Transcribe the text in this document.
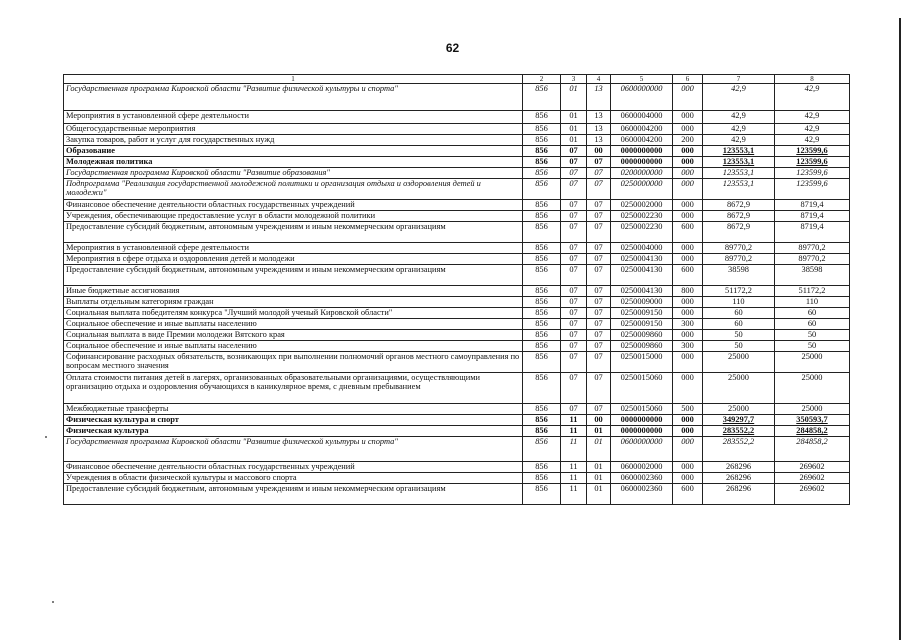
62
1	2	3	4	5	6	7	8
Государственная программа Кировской области "Развитие физической культуры и спорта"	856	01	13	0600000000	000	42,9	42,9
Мероприятия в установленной сфере деятельности	856	01	13	0600004000	000	42,9	42,9
Общегосударственные мероприятия	856	01	13	0600004200	000	42,9	42,9
Закупка товаров, работ и услуг для государственных нужд	856	01	13	0600004200	200	42,9	42,9
Образование	856	07	00	0000000000	000	123553,1	123599,6
Молодежная политика	856	07	07	0000000000	000	123553,1	123599,6
Государственная программа Кировской области "Развитие образования"	856	07	07	0200000000	000	123553,1	123599,6
Подпрограмма "Реализация государственной молодежной политики и организация отдыха и оздоровления детей и молодежи"	856	07	07	0250000000	000	123553,1	123599,6
Финансовое обеспечение деятельности областных государственных учреждений	856	07	07	0250002000	000	8672,9	8719,4
Учреждения, обеспечивающие предоставление услуг в области молодежной политики	856	07	07	0250002230	000	8672,9	8719,4
Предоставление субсидий бюджетным, автономным учреждениям и иным некоммерческим организациям	856	07	07	0250002230	600	8672,9	8719,4
Мероприятия в установленной сфере деятельности	856	07	07	0250004000	000	89770,2	89770,2
Мероприятия в сфере отдыха и оздоровления детей и молодежи	856	07	07	0250004130	000	89770,2	89770,2
Предоставление субсидий бюджетным, автономным учреждениям и иным некоммерческим организациям	856	07	07	0250004130	600	38598	38598
Иные бюджетные ассигнования	856	07	07	0250004130	800	51172,2	51172,2
Выплаты отдельным категориям граждан	856	07	07	0250009000	000	110	110
Социальная выплата победителям конкурса "Лучший молодой ученый Кировской области"	856	07	07	0250009150	000	60	60
Социальное обеспечение и иные выплаты населению	856	07	07	0250009150	300	60	60
Социальная выплата в виде Премии молодежи Вятского края	856	07	07	0250009860	000	50	50
Социальное обеспечение и иные выплаты населению	856	07	07	0250009860	300	50	50
Софинансирование расходных обязательств, возникающих при выполнении полномочий органов местного самоуправления по вопросам местного значения	856	07	07	0250015000	000	25000	25000
Оплата стоимости питания детей в лагерях, организованных образовательными организациями, осуществляющими организацию отдыха и оздоровления обучающихся в каникулярное время, с дневным пребыванием	856	07	07	0250015060	000	25000	25000
Межбюджетные трансферты	856	07	07	0250015060	500	25000	25000
Физическая культура и спорт	856	11	00	0000000000	000	349297,7	350593,7
Физическая культура	856	11	01	0000000000	000	283552,2	284858,2
Государственная программа Кировской области "Развитие физической культуры и спорта"	856	11	01	0600000000	000	283552,2	284858,2
Финансовое обеспечение деятельности областных государственных учреждений	856	11	01	0600002000	000	268296	269602
Учреждения в области физической культуры и массового спорта	856	11	01	0600002360	000	268296	269602
Предоставление субсидий бюджетным, автономным учреждениям и иным некоммерческим организациям	856	11	01	0600002360	600	268296	269602
